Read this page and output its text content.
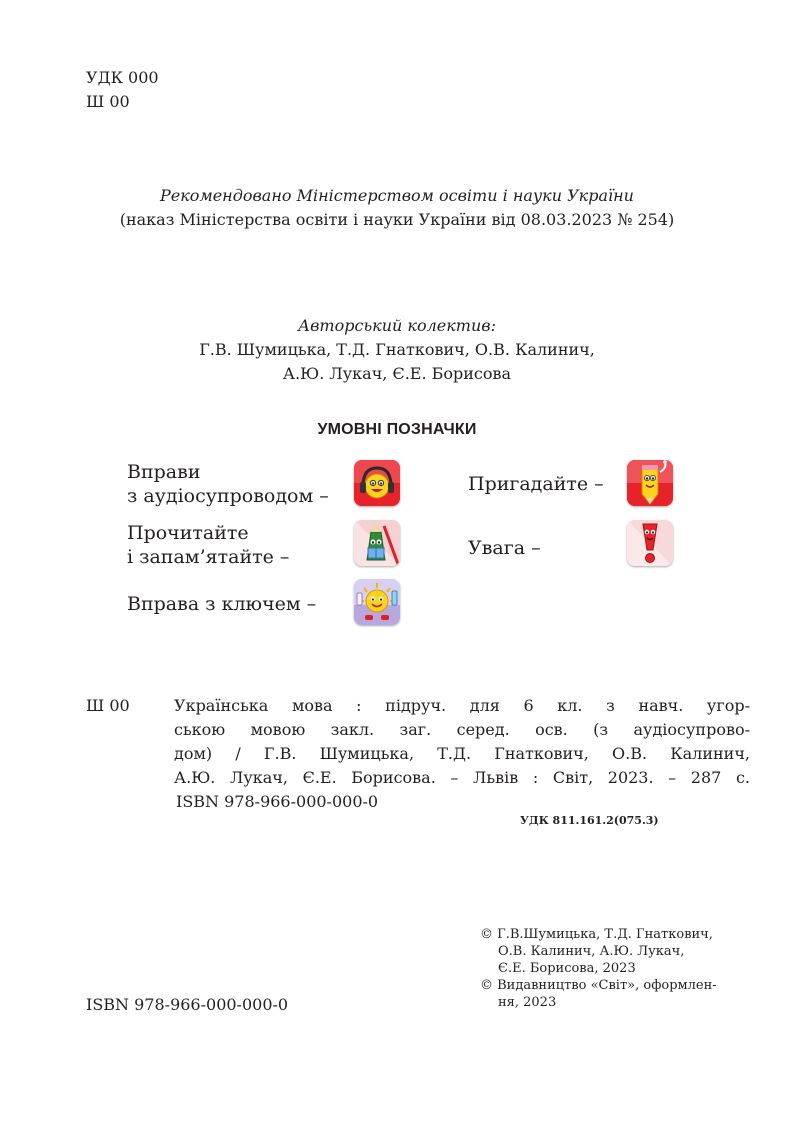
УДК 000
Ш 00
Рекомендовано Міністерством освіти і науки України
(наказ Міністерства освіти і науки України від 08.03.2023 № 254)
Авторський колектив:
Г.В. Шумицька, Т.Д. Гнаткович, О.В. Калинич,
А.Ю. Лукач, Є.Е. Борисова
УМОВНІ ПОЗНАЧКИ
Вправи
з аудіосупроводом –
Прочитайте
і запам’ятайте –
Вправа з ключем –
Пригадайте –
Увага –
Ш 00	Українська мова : підруч. для 6 кл. з навч. угор-
ською мовою закл. заг. серед. осв. (з аудіосупрово-
дом) / Г.В. Шумицька, Т.Д. Гнаткович, О.В. Калинич,
А.Ю. Лукач, Є.Е. Борисова. – Львів : Світ, 2023. – 287 с.
ISBN 978-966-000-000-0
УДК 811.161.2(075.3)
ISBN 978-966-000-000-0
© Г.В.Шумицька, Т.Д. Гнаткович,
О.В. Калинич, А.Ю. Лукач,
Є.Е. Борисова, 2023
© Видавництво «Світ», оформлен-
ня, 2023
